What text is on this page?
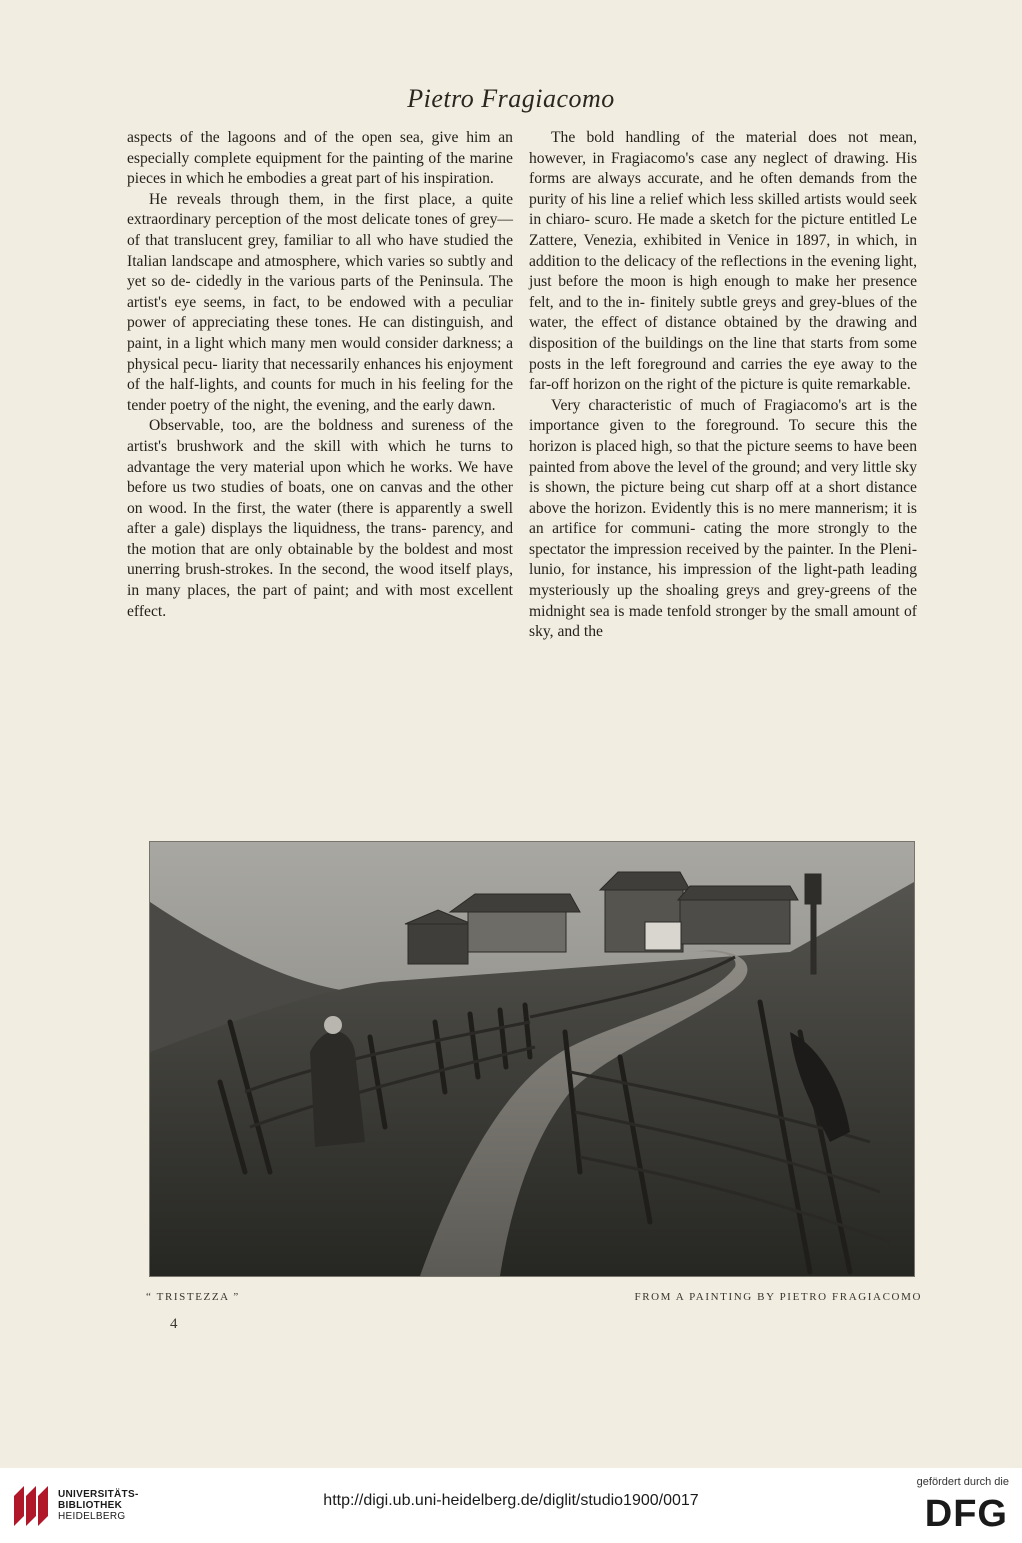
Pietro Fragiacomo

aspects of the lagoons and of the open sea, give him an especially complete equipment for the painting of the marine pieces in which he embodies a great part of his inspiration.

He reveals through them, in the first place, a quite extraordinary perception of the most delicate tones of grey—of that translucent grey, familiar to all who have studied the Italian landscape and atmosphere, which varies so subtly and yet so de- cidedly in the various parts of the Peninsula. The artist's eye seems, in fact, to be endowed with a peculiar power of appreciating these tones. He can distinguish, and paint, in a light which many men would consider darkness; a physical pecu- liarity that necessarily enhances his enjoyment of the half-lights, and counts for much in his feeling for the tender poetry of the night, the evening, and the early dawn.

Observable, too, are the boldness and sureness of the artist's brushwork and the skill with which he turns to advantage the very material upon which he works. We have before us two studies of boats, one on canvas and the other on wood. In the first, the water (there is apparently a swell after a gale) displays the liquidness, the trans- parency, and the motion that are only obtainable by the boldest and most unerring brush-strokes. In the second, the wood itself plays, in many places, the part of paint; and with most excellent effect.

The bold handling of the material does not mean, however, in Fragiacomo's case any neglect of drawing. His forms are always accurate, and he often demands from the purity of his line a relief which less skilled artists would seek in chiaro- scuro. He made a sketch for the picture entitled Le Zattere, Venezia, exhibited in Venice in 1897, in which, in addition to the delicacy of the reflections in the evening light, just before the moon is high enough to make her presence felt, and to the in- finitely subtle greys and grey-blues of the water, the effect of distance obtained by the drawing and disposition of the buildings on the line that starts from some posts in the left foreground and carries the eye away to the far-off horizon on the right of the picture is quite remarkable.

Very characteristic of much of Fragiacomo's art is the importance given to the foreground. To secure this the horizon is placed high, so that the picture seems to have been painted from above the level of the ground; and very little sky is shown, the picture being cut sharp off at a short distance above the horizon. Evidently this is no mere mannerism; it is an artifice for communi- cating the more strongly to the spectator the impression received by the painter. In the Pleni- lunio, for instance, his impression of the light-path leading mysteriously up the shoaling greys and grey-greens of the midnight sea is made tenfold stronger by the small amount of sky, and the

“ TRISTEZZA ”	FROM A PAINTING BY PIETRO FRAGIACOMO
4
UNIVERSITÄTS-
BIBLIOTHEK
HEIDELBERG
http://digi.ub.uni-heidelberg.de/diglit/studio1900/0017
gefördert durch die
DFG
